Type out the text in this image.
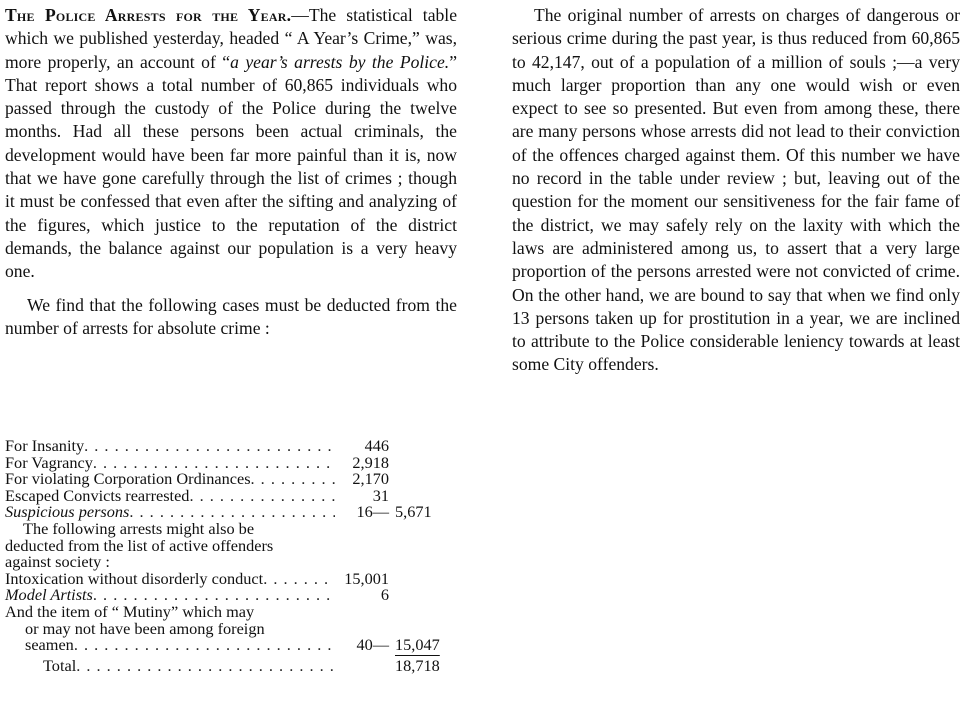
The Police Arrests for the Year.—The statistical table which we published yesterday, headed “ A Year’s Crime,” was, more properly, an account of “a year’s arrests by the Police.” That report shows a total number of 60,865 individuals who passed through the custody of the Police during the twelve months. Had all these persons been actual criminals, the development would have been far more painful than it is, now that we have gone carefully through the list of crimes ; though it must be confessed that even after the sifting and analyzing of the figures, which justice to the reputation of the district demands, the balance against our population is a very heavy one.

We find that the following cases must be deducted from the number of arrests for absolute crime :

For Insanity . . .	446
For Vagrancy . . .	2,918
For violating Corporation Ordinances . . .	2,170
Escaped Convicts rearrested . . .	31
Suspicious persons . . .	16— 5,671
The following arrests might also be
deducted from the list of active offenders
against society :
Intoxication without disorderly conduct . . .	15,001
Model Artists . . .	6
And the item of “ Mutiny” which may
or may not have been among foreign
seamen . . .	40— 15,047
Total . . .	18,718

The original number of arrests on charges of dangerous or serious crime during the past year, is thus reduced from 60,865 to 42,147, out of a population of a million of souls ;—a very much larger proportion than any one would wish or even expect to see so presented. But even from among these, there are many persons whose arrests did not lead to their conviction of the offences charged against them. Of this number we have no record in the table under review ; but, leaving out of the question for the moment our sensitiveness for the fair fame of the district, we may safely rely on the laxity with which the laws are administered among us, to assert that a very large proportion of the persons arrested were not convicted of crime. On the other hand, we are bound to say that when we find only 13 persons taken up for prostitution in a year, we are inclined to attribute to the Police considerable leniency towards at least some City offenders.
